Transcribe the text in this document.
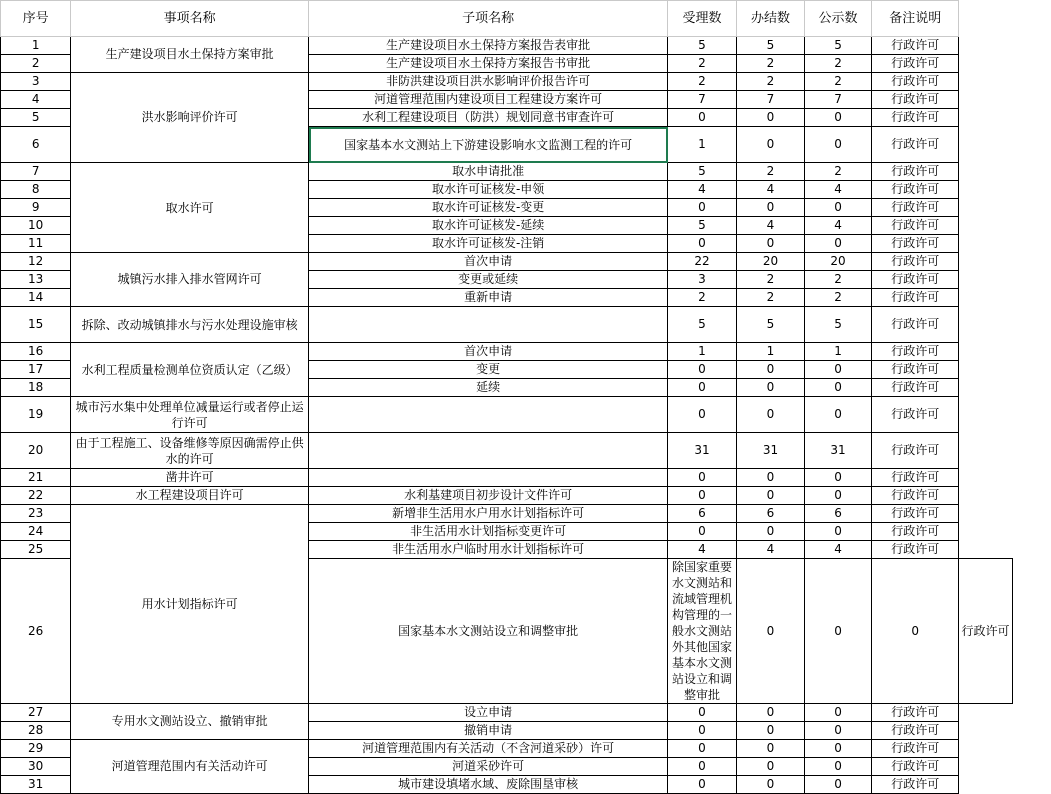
序号	事项名称	子项名称	受理数	办结数	公示数	备注说明		
1	生产建设项目水土保持方案审批	生产建设项目水土保持方案报告表审批	5	5	5	行政许可		
2		生产建设项目水土保持方案报告书审批	2	2	2	行政许可		
3	洪水影响评价许可	非防洪建设项目洪水影响评价报告许可	2	2	2	行政许可		
4		河道管理范围内建设项目工程建设方案许可	7	7	7	行政许可		
5		水利工程建设项目（防洪）规划同意书审查许可	0	0	0	行政许可		
6		国家基本水文测站上下游建设影响水文监测工程的许可	1	0	0	行政许可		
7	取水许可	取水申请批准	5	2	2	行政许可		
8		取水许可证核发-申领	4	4	4	行政许可		
9		取水许可证核发-变更	0	0	0	行政许可		
10		取水许可证核发-延续	5	4	4	行政许可		
11		取水许可证核发-注销	0	0	0	行政许可		
12	城镇污水排入排水管网许可	首次申请	22	20	20	行政许可		
13		变更或延续	3	2	2	行政许可		
14		重新申请	2	2	2	行政许可		
15	拆除、改动城镇排水与污水处理设施审核		5	5	5	行政许可		
16	水利工程质量检测单位资质认定（乙级）	首次申请	1	1	1	行政许可		
17		变更	0	0	0	行政许可		
18		延续	0	0	0	行政许可		
19	城市污水集中处理单位减量运行或者停止运行许可		0	0	0	行政许可		
20	由于工程施工、设备维修等原因确需停止供水的许可		31	31	31	行政许可		
21	凿井许可		0	0	0	行政许可		
22	水工程建设项目许可	水利基建项目初步设计文件许可	0	0	0	行政许可		
23	用水计划指标许可	新增非生活用水户用水计划指标许可	6	6	6	行政许可		
24		非生活用水计划指标变更许可	0	0	0	行政许可		
25		非生活用水户临时用水计划指标许可	4	4	4	行政许可		
26		国家基本水文测站设立和调整审批	除国家重要水文测站和流域管理机构管理的一般水文测站外其他国家基本水文测站设立和调整审批	0	0	0	行政许可	
27	专用水文测站设立、撤销审批	设立申请	0	0	0	行政许可		
28		撤销申请	0	0	0	行政许可		
29	河道管理范围内有关活动许可	河道管理范围内有关活动（不含河道采砂）许可	0	0	0	行政许可		
30		河道采砂许可	0	0	0	行政许可		
31		城市建设填堵水域、废除围垦审核	0	0	0	行政许可		
